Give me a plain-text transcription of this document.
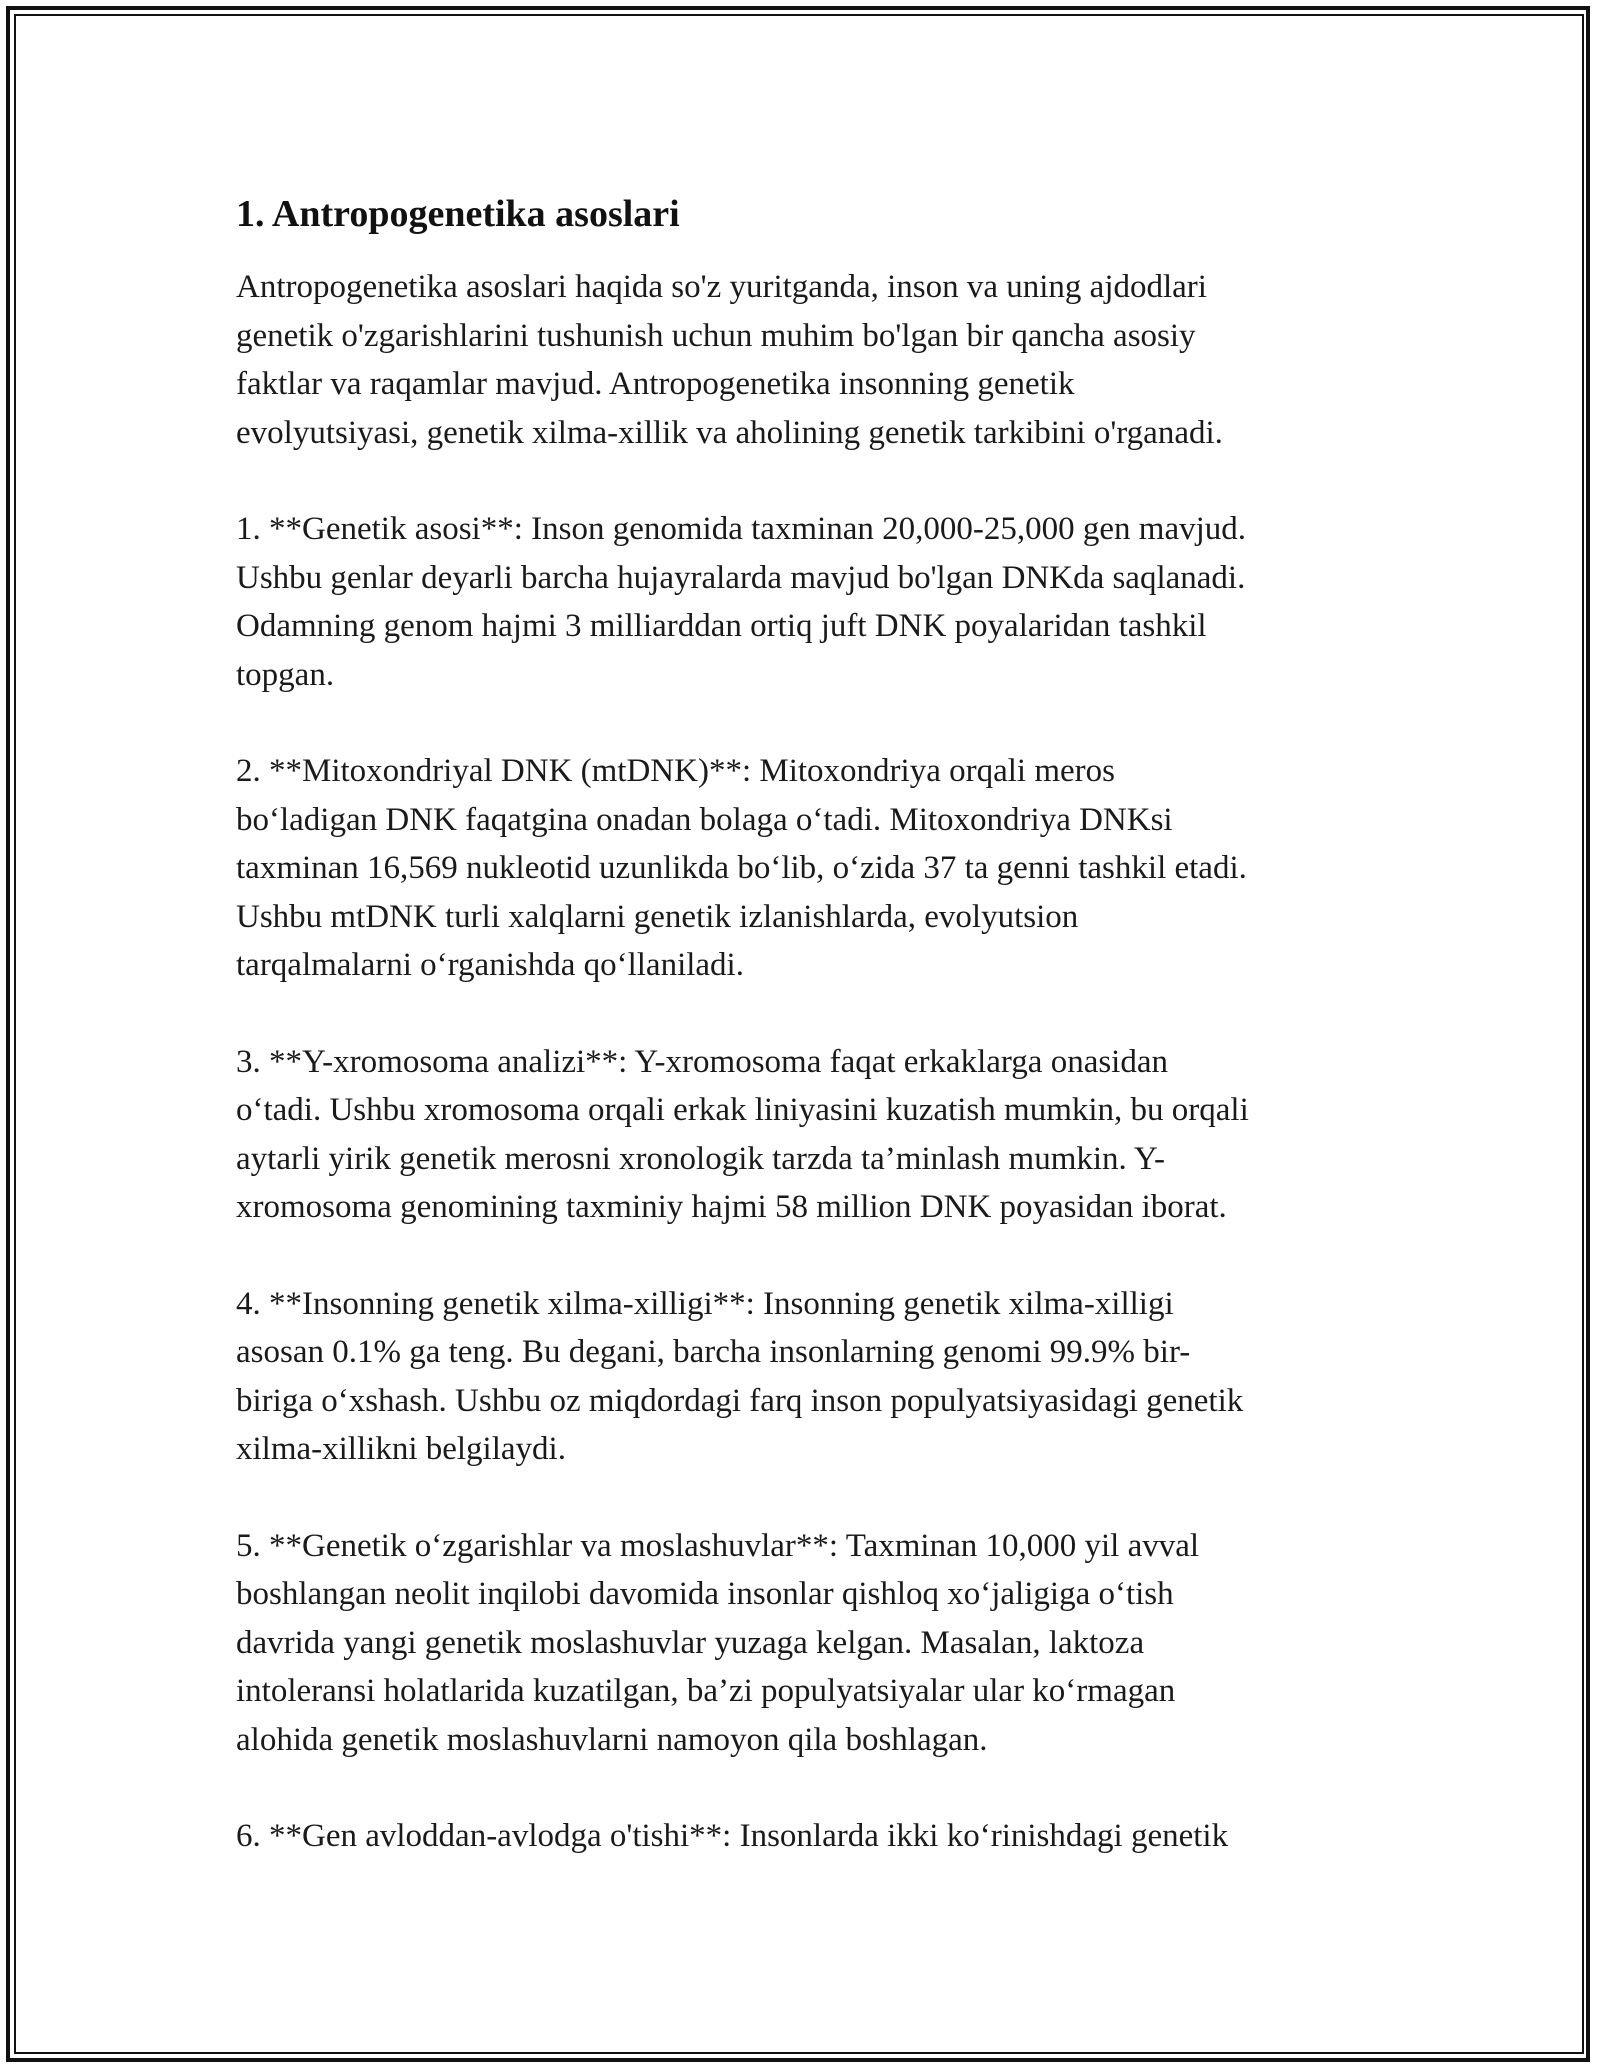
1. Antropogenetika asoslari

Antropogenetika asoslari haqida so'z yuritganda, inson va uning ajdodlari
genetik o'zgarishlarini tushunish uchun muhim bo'lgan bir qancha asosiy
faktlar va raqamlar mavjud. Antropogenetika insonning genetik
evolyutsiyasi, genetik xilma-xillik va aholining genetik tarkibini o'rganadi.

1. **Genetik asosi**: Inson genomida taxminan 20,000-25,000 gen mavjud.
Ushbu genlar deyarli barcha hujayralarda mavjud bo'lgan DNKda saqlanadi.
Odamning genom hajmi 3 milliarddan ortiq juft DNK poyalaridan tashkil
topgan.

2. **Mitoxondriyal DNK (mtDNK)**: Mitoxondriya orqali meros
bo‘ladigan DNK faqatgina onadan bolaga o‘tadi. Mitoxondriya DNKsi
taxminan 16,569 nukleotid uzunlikda bo‘lib, o‘zida 37 ta genni tashkil etadi.
Ushbu mtDNK turli xalqlarni genetik izlanishlarda, evolyutsion
tarqalmalarni o‘rganishda qo‘llaniladi.

3. **Y-xromosoma analizi**: Y-xromosoma faqat erkaklarga onasidan
o‘tadi. Ushbu xromosoma orqali erkak liniyasini kuzatish mumkin, bu orqali
aytarli yirik genetik merosni xronologik tarzda ta’minlash mumkin. Y-
xromosoma genomining taxminiy hajmi 58 million DNK poyasidan iborat.

4. **Insonning genetik xilma-xilligi**: Insonning genetik xilma-xilligi
asosan 0.1% ga teng. Bu degani, barcha insonlarning genomi 99.9% bir-
biriga o‘xshash. Ushbu oz miqdordagi farq inson populyatsiyasidagi genetik
xilma-xillikni belgilaydi.

5. **Genetik o‘zgarishlar va moslashuvlar**: Taxminan 10,000 yil avval
boshlangan neolit inqilobi davomida insonlar qishloq xo‘jaligiga o‘tish
davrida yangi genetik moslashuvlar yuzaga kelgan. Masalan, laktoza
intoleransi holatlarida kuzatilgan, ba’zi populyatsiyalar ular ko‘rmagan
alohida genetik moslashuvlarni namoyon qila boshlagan.

6. **Gen avloddan-avlodga o'tishi**: Insonlarda ikki ko‘rinishdagi genetik
